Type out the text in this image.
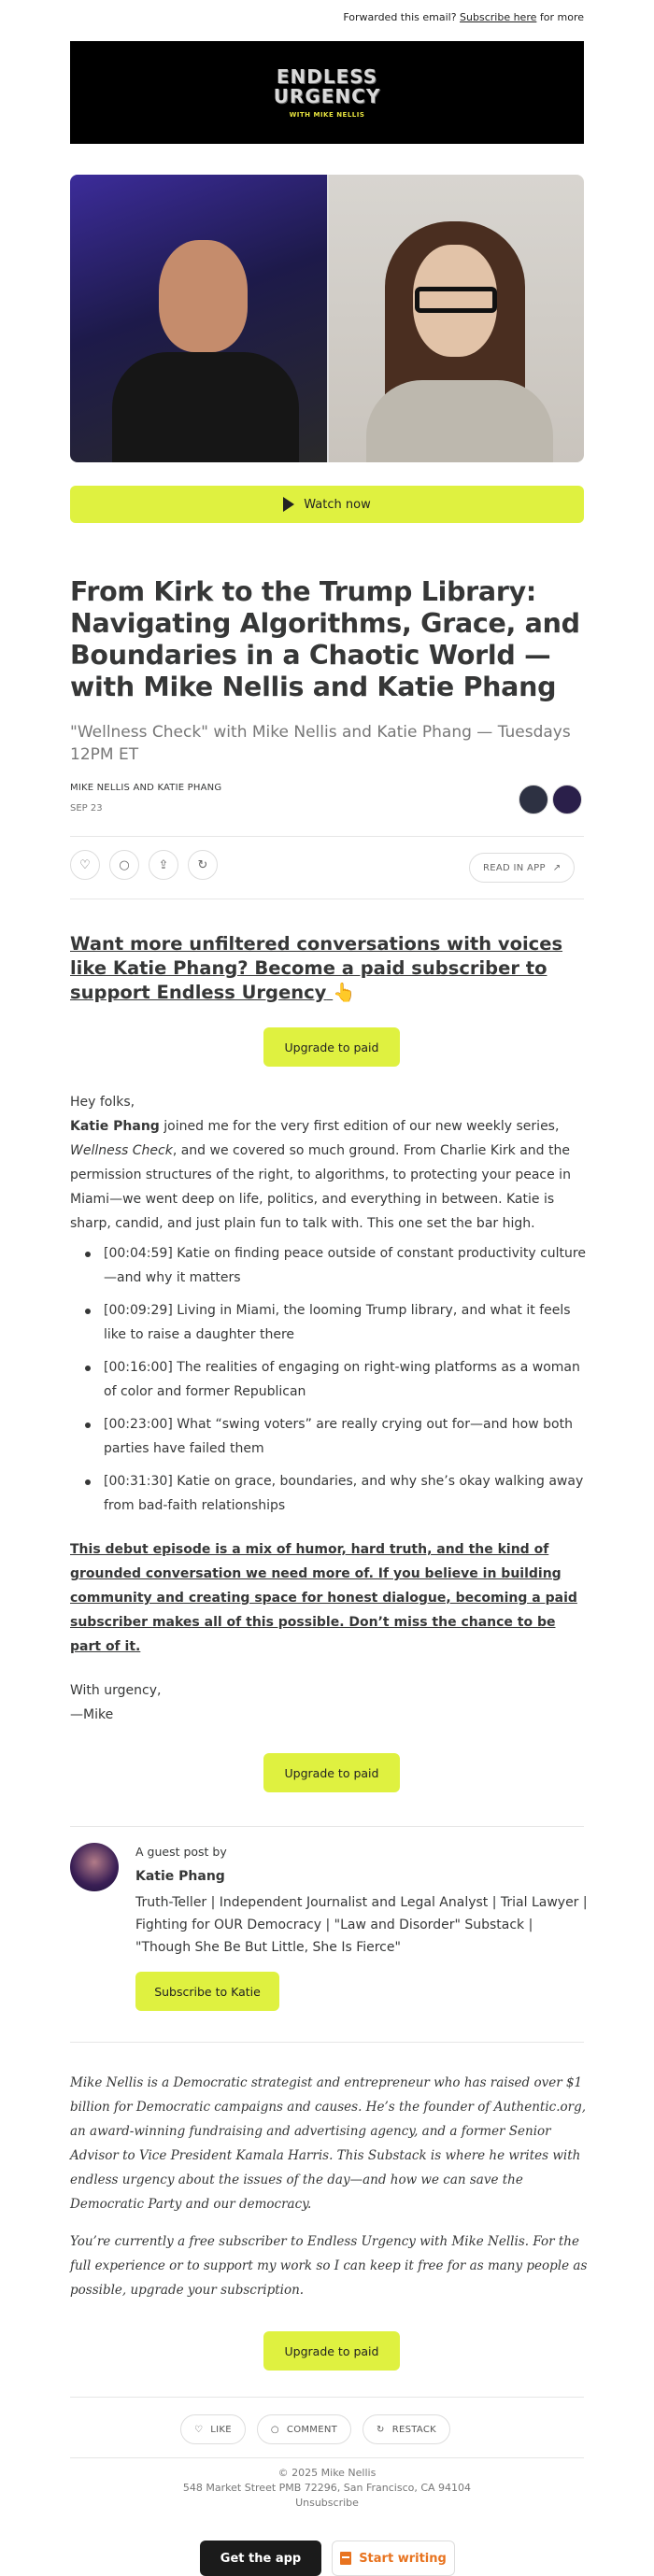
Forwarded this email? Subscribe here for more
ENDLESS
URGENCY
WITH MIKE NELLIS
Watch now
From Kirk to the Trump Library: Navigating Algorithms, Grace, and Boundaries in a Chaotic World — with Mike Nellis and Katie Phang
"Wellness Check" with Mike Nellis and Katie Phang — Tuesdays 12PM ET
MIKE NELLIS AND KATIE PHANG
SEP 23
♡	○	⇪	↻	READ IN APP ↗
Want more unfiltered conversations with voices like Katie Phang? Become a paid subscriber to support Endless Urgency 👆
Upgrade to paid
Hey folks,
Katie Phang joined me for the very first edition of our new weekly series, Wellness Check, and we covered so much ground. From Charlie Kirk and the permission structures of the right, to algorithms, to protecting your peace in Miami—we went deep on life, politics, and everything in between. Katie is sharp, candid, and just plain fun to talk with. This one set the bar high.
[00:04:59] Katie on finding peace outside of constant productivity culture—and why it matters
[00:09:29] Living in Miami, the looming Trump library, and what it feels like to raise a daughter there
[00:16:00] The realities of engaging on right-wing platforms as a woman of color and former Republican
[00:23:00] What “swing voters” are really crying out for—and how both parties have failed them
[00:31:30] Katie on grace, boundaries, and why she’s okay walking away from bad-faith relationships
This debut episode is a mix of humor, hard truth, and the kind of grounded conversation we need more of. If you believe in building community and creating space for honest dialogue, becoming a paid subscriber makes all of this possible. Don’t miss the chance to be part of it.
With urgency,
—Mike
Upgrade to paid
A guest post by
Katie Phang
Truth-Teller | Independent Journalist and Legal Analyst | Trial Lawyer | Fighting for OUR Democracy | "Law and Disorder" Substack | "Though She Be But Little, She Is Fierce"
Subscribe to Katie
Mike Nellis is a Democratic strategist and entrepreneur who has raised over $1 billion for Democratic campaigns and causes. He’s the founder of Authentic.org, an award-winning fundraising and advertising agency, and a former Senior Advisor to Vice President Kamala Harris. This Substack is where he writes with endless urgency about the issues of the day—and how we can save the Democratic Party and our democracy.
You’re currently a free subscriber to Endless Urgency with Mike Nellis. For the full experience or to support my work so I can keep it free for as many people as possible, upgrade your subscription.
Upgrade to paid
♡ LIKE	○ COMMENT	↻ RESTACK
© 2025 Mike Nellis
548 Market Street PMB 72296, San Francisco, CA 94104
Unsubscribe
Get the app	Start writing
